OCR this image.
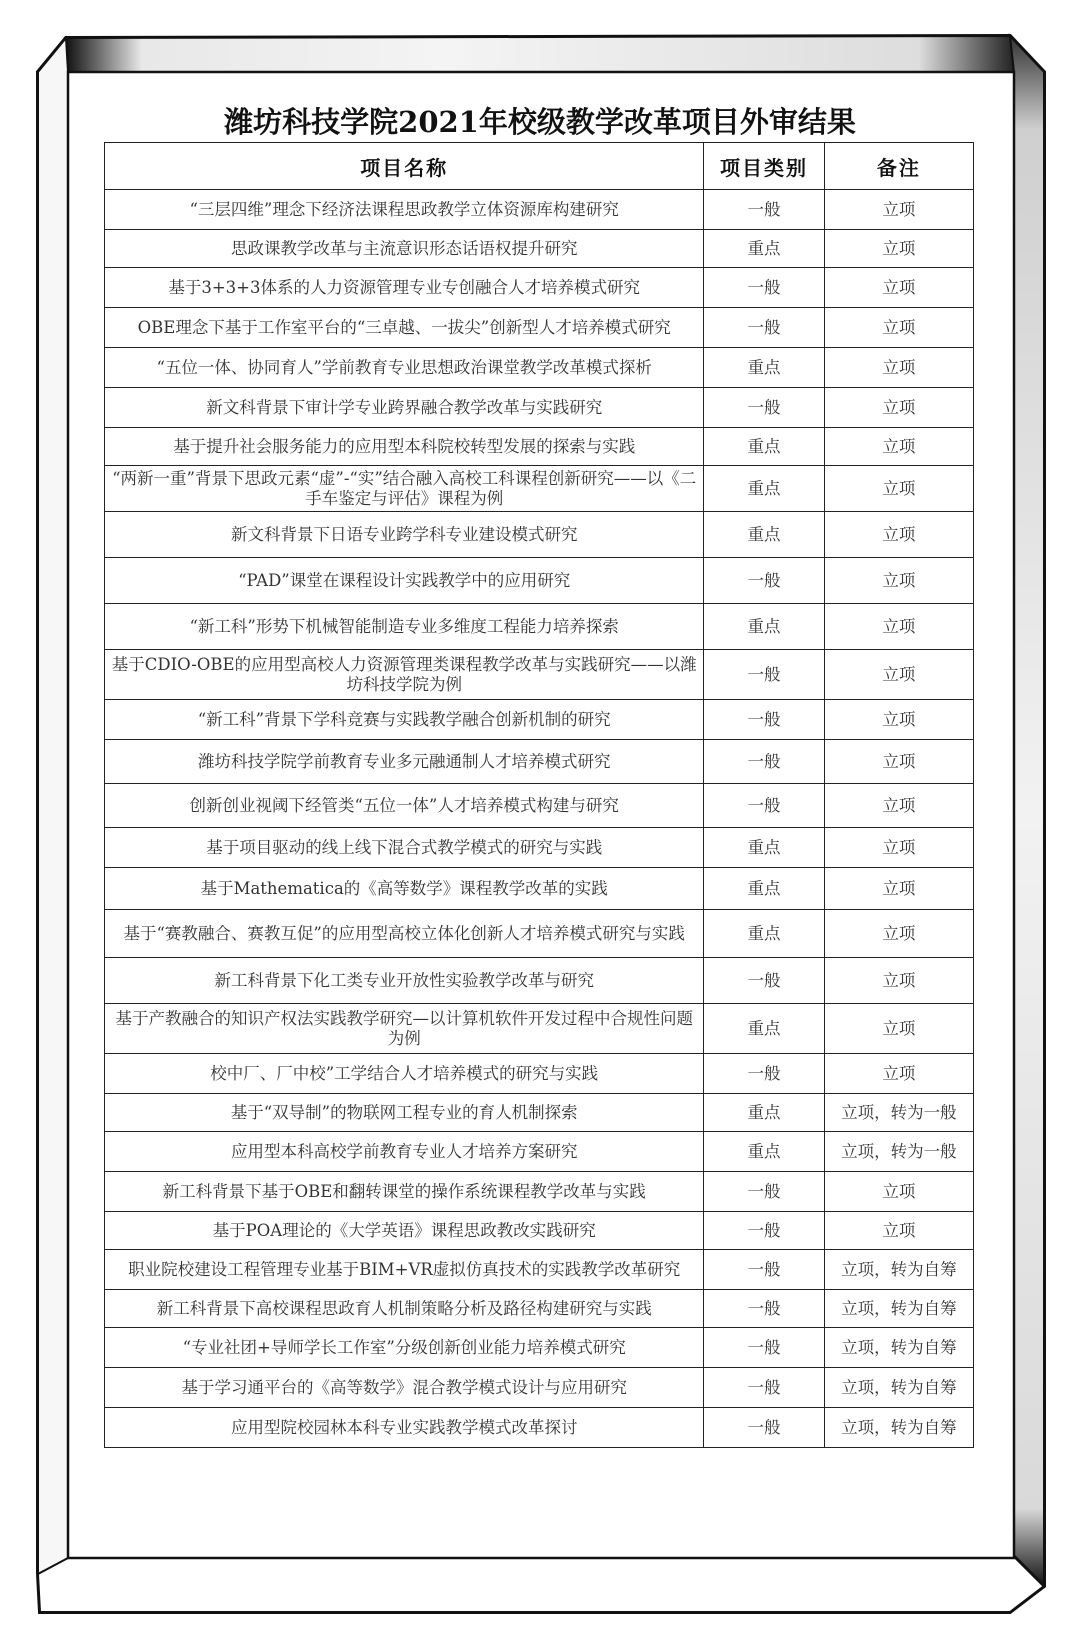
潍坊科技学院2021年校级教学改革项目外审结果
项目名称	项目类别	备注
“三层四维”理念下经济法课程思政教学立体资源库构建研究	一般	立项
思政课教学改革与主流意识形态话语权提升研究	重点	立项
基于3+3+3体系的人力资源管理专业专创融合人才培养模式研究	一般	立项
OBE理念下基于工作室平台的“三卓越、一拔尖”创新型人才培养模式研究	一般	立项
“五位一体、协同育人”学前教育专业思想政治课堂教学改革模式探析	重点	立项
新文科背景下审计学专业跨界融合教学改革与实践研究	一般	立项
基于提升社会服务能力的应用型本科院校转型发展的探索与实践	重点	立项
“两新一重”背景下思政元素“虚”-“实”结合融入高校工科课程创新研究——以《二手车鉴定与评估》课程为例	重点	立项
新文科背景下日语专业跨学科专业建设模式研究	重点	立项
“PAD”课堂在课程设计实践教学中的应用研究	一般	立项
“新工科”形势下机械智能制造专业多维度工程能力培养探索	重点	立项
基于CDIO-OBE的应用型高校人力资源管理类课程教学改革与实践研究——以潍坊科技学院为例	一般	立项
“新工科”背景下学科竞赛与实践教学融合创新机制的研究	一般	立项
潍坊科技学院学前教育专业多元融通制人才培养模式研究	一般	立项
创新创业视阈下经管类“五位一体”人才培养模式构建与研究	一般	立项
基于项目驱动的线上线下混合式教学模式的研究与实践	重点	立项
基于Mathematica的《高等数学》课程教学改革的实践	重点	立项
基于“赛教融合、赛教互促”的应用型高校立体化创新人才培养模式研究与实践	重点	立项
新工科背景下化工类专业开放性实验教学改革与研究	一般	立项
基于产教融合的知识产权法实践教学研究—以计算机软件开发过程中合规性问题为例	重点	立项
校中厂、厂中校”工学结合人才培养模式的研究与实践	一般	立项
基于“双导制”的物联网工程专业的育人机制探索	重点	立项，转为一般
应用型本科高校学前教育专业人才培养方案研究	重点	立项，转为一般
新工科背景下基于OBE和翻转课堂的操作系统课程教学改革与实践	一般	立项
基于POA理论的《大学英语》课程思政教改实践研究	一般	立项
职业院校建设工程管理专业基于BIM+VR虚拟仿真技术的实践教学改革研究	一般	立项，转为自筹
新工科背景下高校课程思政育人机制策略分析及路径构建研究与实践	一般	立项，转为自筹
“专业社团+导师学长工作室”分级创新创业能力培养模式研究	一般	立项，转为自筹
基于学习通平台的《高等数学》混合教学模式设计与应用研究	一般	立项，转为自筹
应用型院校园林本科专业实践教学模式改革探讨	一般	立项，转为自筹
